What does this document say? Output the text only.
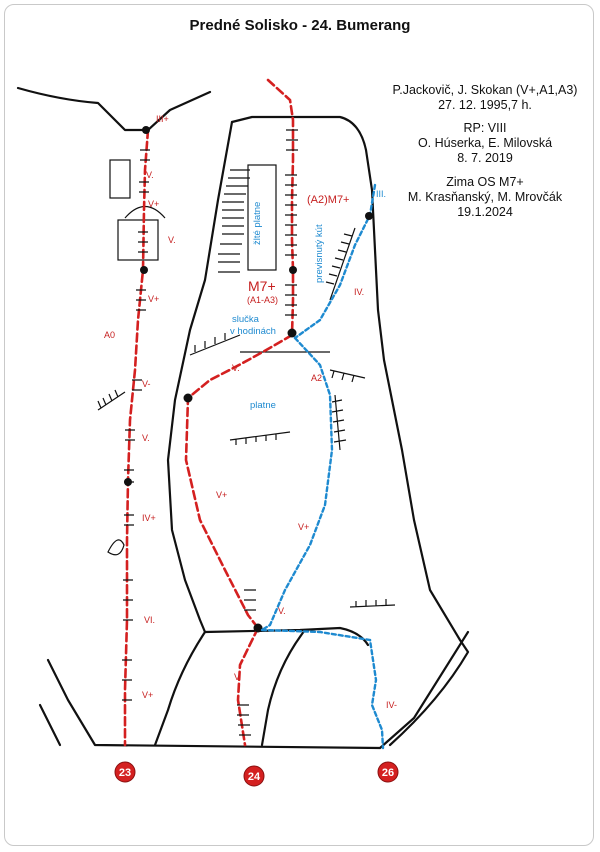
Predné Solisko - 24. Bumerang
P.Jackovič, J. Skokan (V+,A1,A3)
27. 12. 1995,7 h.
RP: VIII
O. Húserka, E. Milovská
8. 7. 2019
Zima OS M7+
M. Krasňanský, M. Mrovčák
19.1.2024
III+
V.
V+
V.
V+
A0
V-
V.
IV+
VI.
V+
V.
V+
V.
V
III.
IV.
A2
V+
IV-
žlté platne
previsnutý kút
slučka
v hodinách
platne
(A2)M7+
M7+
(A1-A3)
23	24	26
